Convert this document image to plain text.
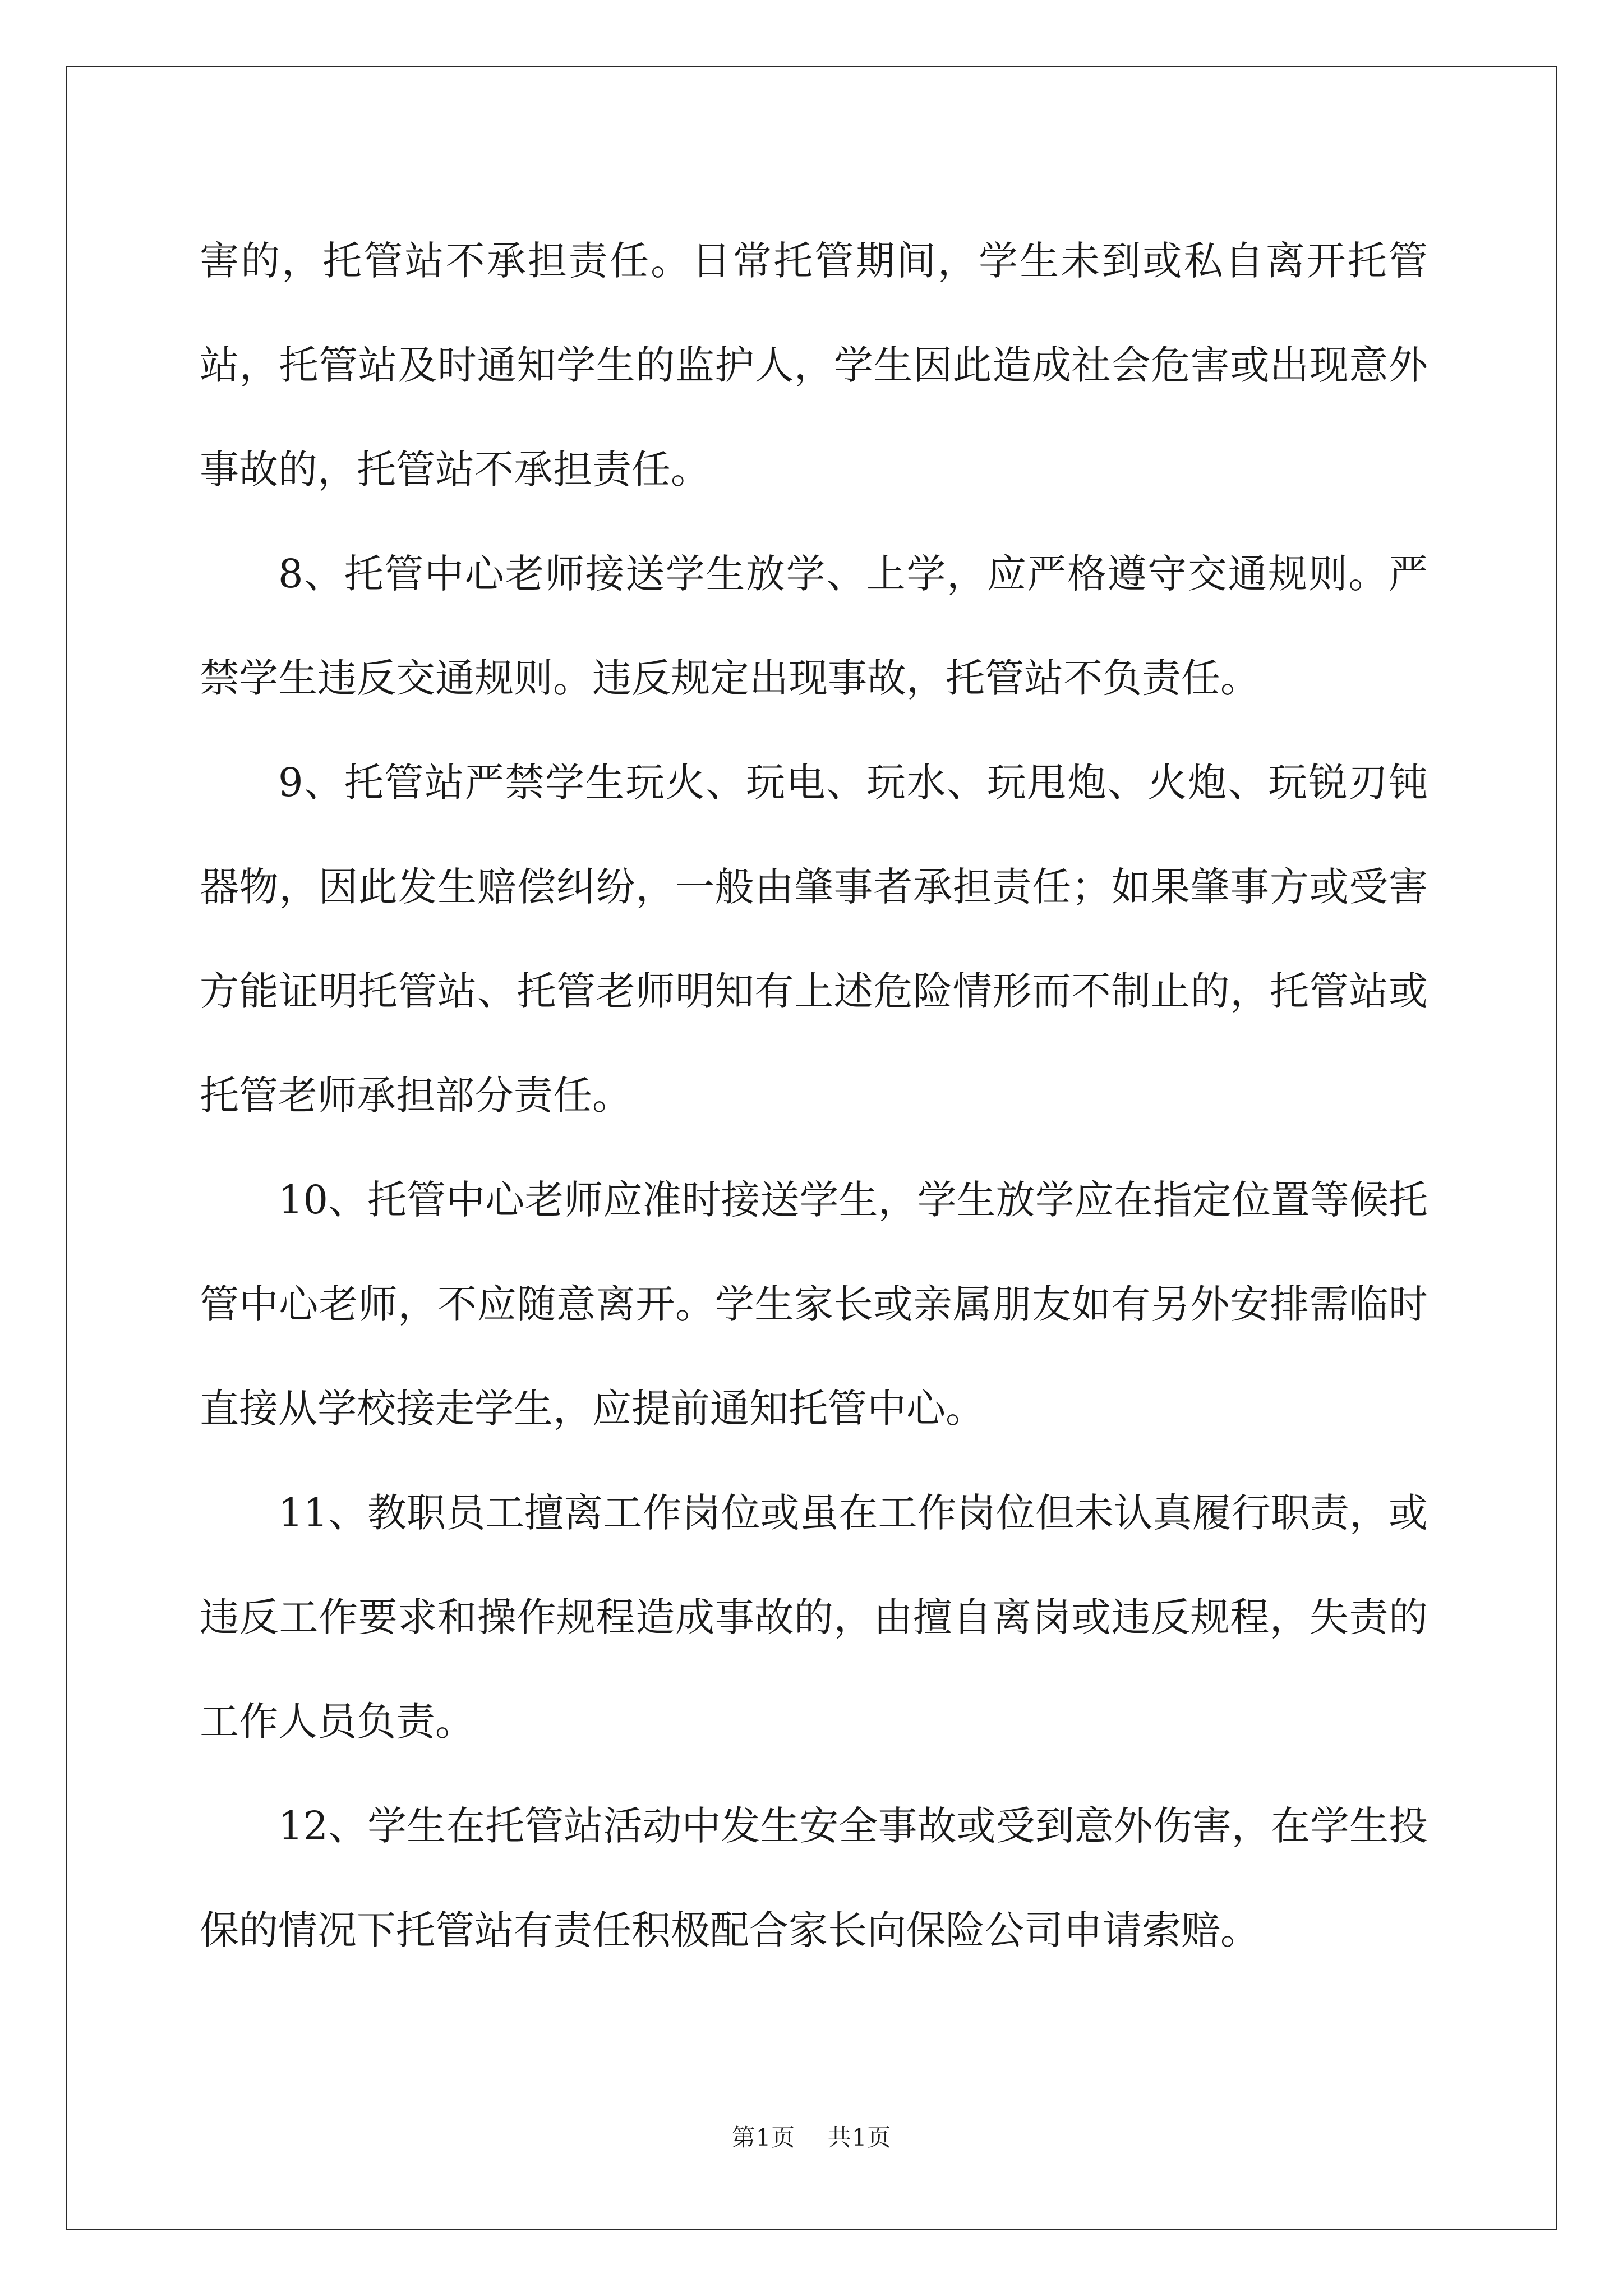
害的，托管站不承担责任。日常托管期间，学生未到或私自离开托管站，托管站及时通知学生的监护人，学生因此造成社会危害或出现意外事故的，托管站不承担责任。

8、托管中心老师接送学生放学、上学，应严格遵守交通规则。严禁学生违反交通规则。违反规定出现事故，托管站不负责任。

9、托管站严禁学生玩火、玩电、玩水、玩甩炮、火炮、玩锐刃钝器物，因此发生赔偿纠纷，一般由肇事者承担责任；如果肇事方或受害方能证明托管站、托管老师明知有上述危险情形而不制止的，托管站或托管老师承担部分责任。

10、托管中心老师应准时接送学生，学生放学应在指定位置等候托管中心老师，不应随意离开。学生家长或亲属朋友如有另外安排需临时直接从学校接走学生，应提前通知托管中心。

11、教职员工擅离工作岗位或虽在工作岗位但未认真履行职责，或违反工作要求和操作规程造成事故的，由擅自离岗或违反规程，失责的工作人员负责。

12、学生在托管站活动中发生安全事故或受到意外伤害，在学生投保的情况下托管站有责任积极配合家长向保险公司申请索赔。

第1页 共1页
